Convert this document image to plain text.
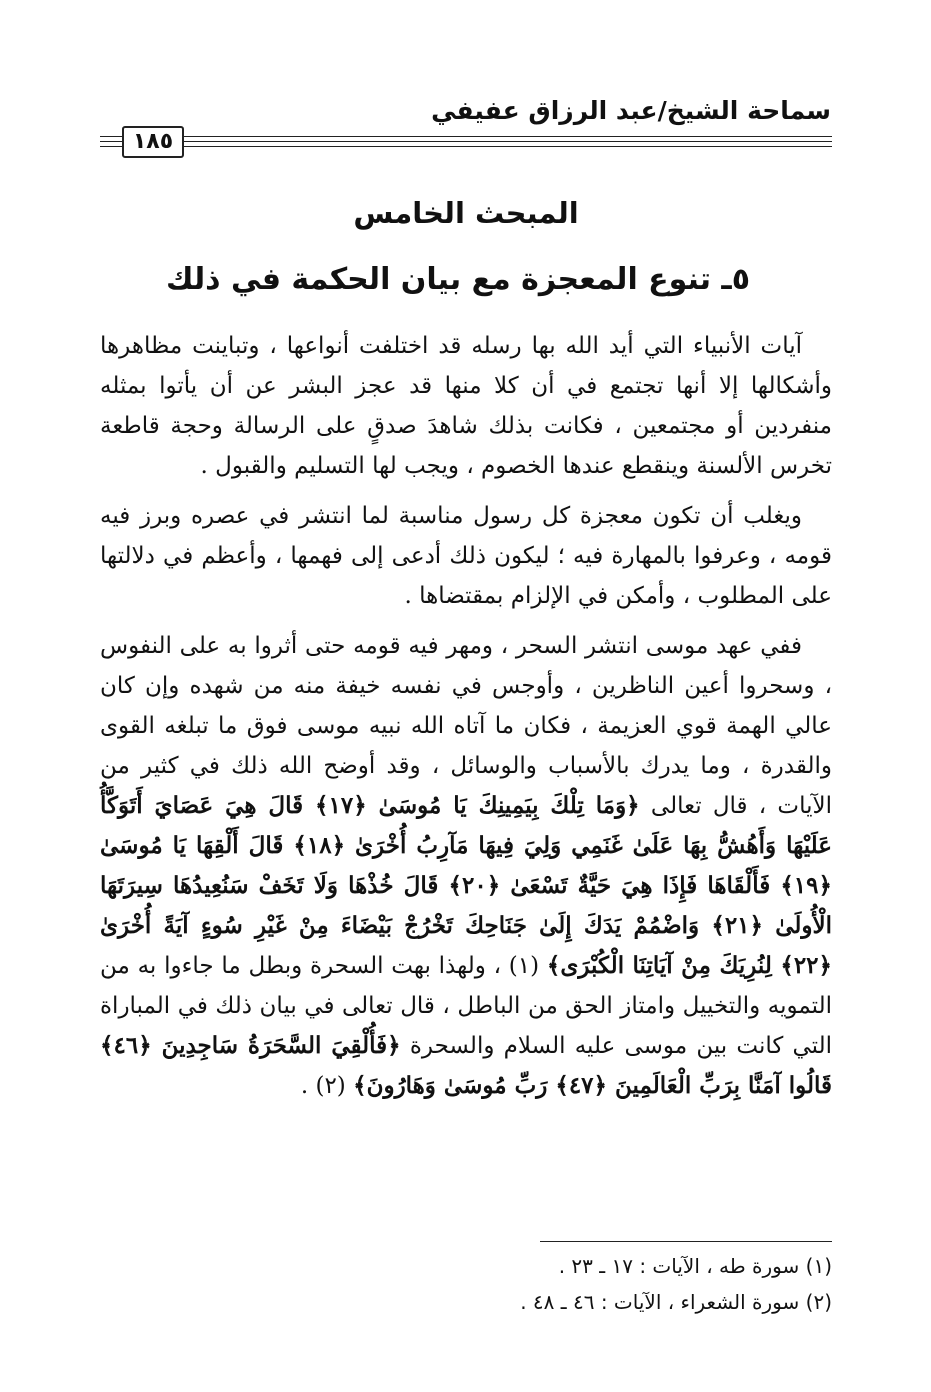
سماحة الشيخ/عبد الرزاق عفيفي
١٨٥
المبحث الخامس
٥ـ تنوع المعجزة مع بيان الحكمة في ذلك

آيات الأنبياء التي أيد الله بها رسله قد اختلفت أنواعها ، وتباينت مظاهرها وأشكالها إلا أنها تجتمع في أن كلا منها قد عجز البشر عن أن يأتوا بمثله منفردين أو مجتمعين ، فكانت بذلك شاهدَ صدقٍ على الرسالة وحجة قاطعة تخرس الألسنة وينقطع عندها الخصوم ، ويجب لها التسليم والقبول .

ويغلب أن تكون معجزة كل رسول مناسبة لما انتشر في عصره وبرز فيه قومه ، وعرفوا بالمهارة فيه ؛ ليكون ذلك أدعى إلى فهمها ، وأعظم في دلالتها على المطلوب ، وأمكن في الإلزام بمقتضاها .

ففي عهد موسى انتشر السحر ، ومهر فيه قومه حتى أثروا به على النفوس ، وسحروا أعين الناظرين ، وأوجس في نفسه خيفة منه من شهده وإن كان عالي الهمة قوي العزيمة ، فكان ما آتاه الله نبيه موسى فوق ما تبلغه القوى والقدرة ، وما يدرك بالأسباب والوسائل ، وقد أوضح الله ذلك في كثير من الآيات ، قال تعالى ﴿وَمَا تِلْكَ بِيَمِينِكَ يَا مُوسَىٰ ﴿١٧﴾ قَالَ هِيَ عَصَايَ أَتَوَكَّأُ عَلَيْهَا وَأَهُشُّ بِهَا عَلَىٰ غَنَمِي وَلِيَ فِيهَا مَآرِبُ أُخْرَىٰ ﴿١٨﴾ قَالَ أَلْقِهَا يَا مُوسَىٰ ﴿١٩﴾ فَأَلْقَاهَا فَإِذَا هِيَ حَيَّةٌ تَسْعَىٰ ﴿٢٠﴾ قَالَ خُذْهَا وَلَا تَخَفْ سَنُعِيدُهَا سِيرَتَهَا الْأُولَىٰ ﴿٢١﴾ وَاضْمُمْ يَدَكَ إِلَىٰ جَنَاحِكَ تَخْرُجْ بَيْضَاءَ مِنْ غَيْرِ سُوءٍ آيَةً أُخْرَىٰ ﴿٢٢﴾ لِنُرِيَكَ مِنْ آيَاتِنَا الْكُبْرَى﴾ (١) ، ولهذا بهت السحرة وبطل ما جاءوا به من التمويه والتخييل وامتاز الحق من الباطل ، قال تعالى في بيان ذلك في المباراة التي كانت بين موسى عليه السلام والسحرة ﴿فَأُلْقِيَ السَّحَرَةُ سَاجِدِينَ ﴿٤٦﴾ قَالُوا آمَنَّا بِرَبِّ الْعَالَمِينَ ﴿٤٧﴾ رَبِّ مُوسَىٰ وَهَارُونَ﴾ (٢) .

(١) سورة طه ، الآيات : ١٧ ـ ٢٣ .
(٢) سورة الشعراء ، الآيات : ٤٦ ـ ٤٨ .
